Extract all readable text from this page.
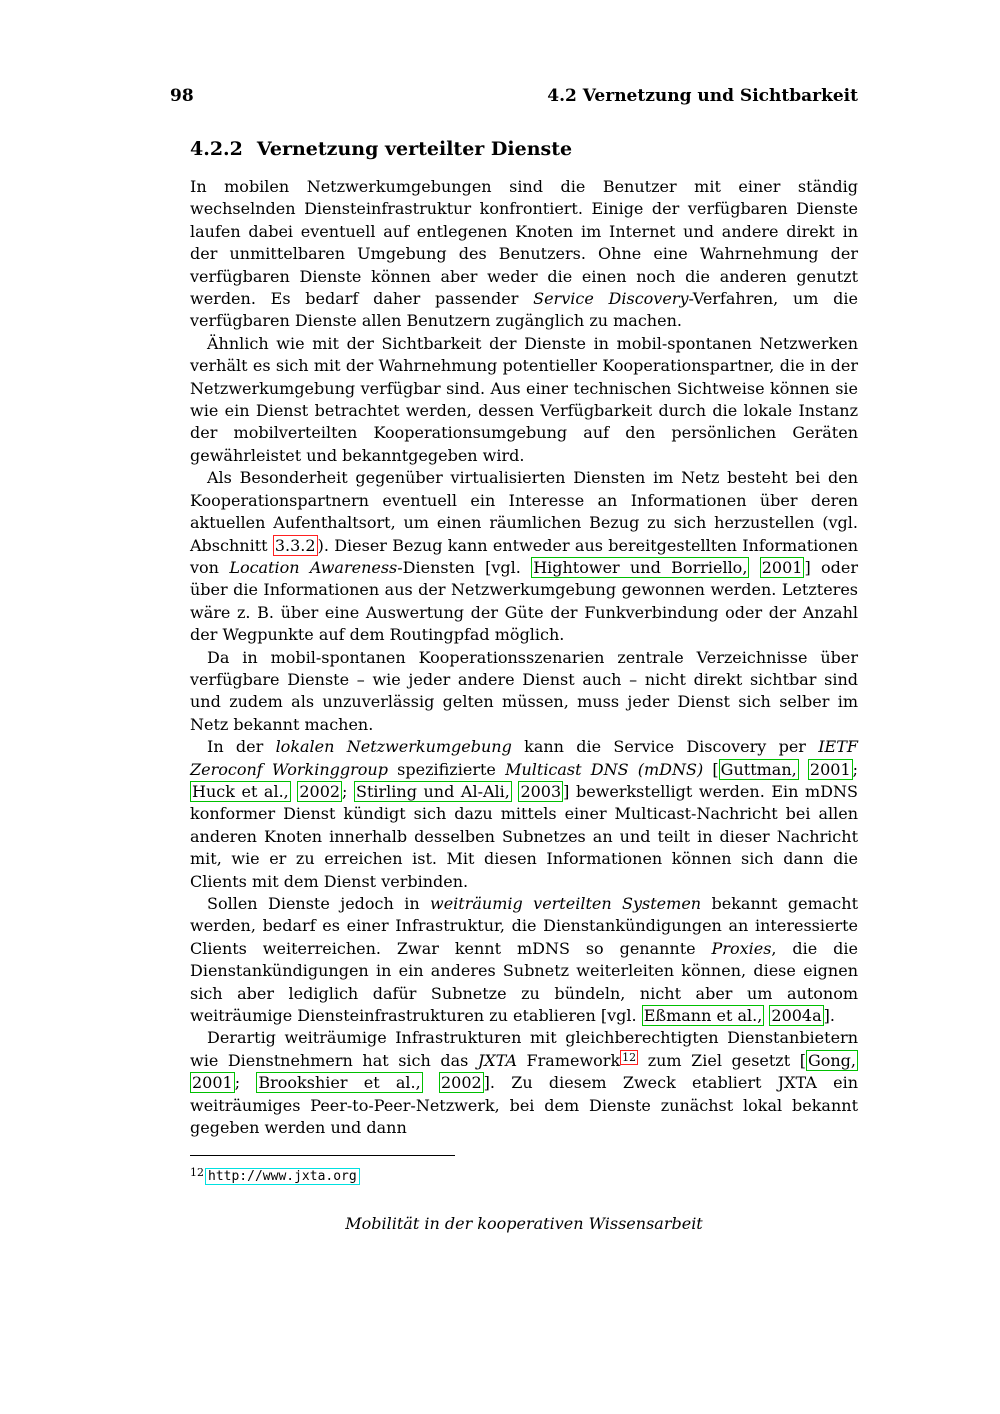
98	4.2 Vernetzung und Sichtbarkeit
4.2.2 Vernetzung verteilter Dienste

In mobilen Netzwerkumgebungen sind die Benutzer mit einer ständig wechselnden Diensteinfrastruktur konfrontiert. Einige der verfügbaren Dienste laufen dabei eventuell auf entlegenen Knoten im Internet und andere direkt in der unmittelbaren Umgebung des Benutzers. Ohne eine Wahrnehmung der verfügbaren Dienste können aber weder die einen noch die anderen genutzt werden. Es bedarf daher passender Service Discovery-Verfahren, um die verfügbaren Dienste allen Benutzern zugänglich zu machen.

Ähnlich wie mit der Sichtbarkeit der Dienste in mobil-spontanen Netzwerken verhält es sich mit der Wahrnehmung potentieller Kooperationspartner, die in der Netzwerkumgebung verfügbar sind. Aus einer technischen Sichtweise können sie wie ein Dienst betrachtet werden, dessen Verfügbarkeit durch die lokale Instanz der mobilverteilten Kooperationsumgebung auf den persönlichen Geräten gewährleistet und bekanntgegeben wird.

Als Besonderheit gegenüber virtualisierten Diensten im Netz besteht bei den Kooperationspartnern eventuell ein Interesse an Informationen über deren aktuellen Aufenthaltsort, um einen räumlichen Bezug zu sich herzustellen (vgl. Abschnitt 3.3.2 ). Dieser Bezug kann entweder aus bereitgestellten Informationen von Location Awareness-Diensten [vgl. Hightower und Borriello, 2001 ] oder über die Informationen aus der Netzwerkumgebung gewonnen werden. Letzteres wäre z. B. über eine Auswertung der Güte der Funkverbindung oder der Anzahl der Wegpunkte auf dem Routingpfad möglich.

Da in mobil-spontanen Kooperationsszenarien zentrale Verzeichnisse über verfügbare Dienste – wie jeder andere Dienst auch – nicht direkt sichtbar sind und zudem als unzuverlässig gelten müssen, muss jeder Dienst sich selber im Netz bekannt machen.

In der lokalen Netzwerkumgebung kann die Service Discovery per IETF Zeroconf Workinggroup spezifizierte Multicast DNS (mDNS) [ Guttman, 2001 ; Huck et al., 2002 ; Stirling und Al-Ali, 2003 ] bewerkstelligt werden. Ein mDNS konformer Dienst kündigt sich dazu mittels einer Multicast-Nachricht bei allen anderen Knoten innerhalb desselben Subnetzes an und teilt in dieser Nachricht mit, wie er zu erreichen ist. Mit diesen Informationen können sich dann die Clients mit dem Dienst verbinden.

Sollen Dienste jedoch in weiträumig verteilten Systemen bekannt gemacht werden, bedarf es einer Infrastruktur, die Dienstankündigungen an interessierte Clients weiterreichen. Zwar kennt mDNS so genannte Proxies, die die Dienstankündigungen in ein anderes Subnetz weiterleiten können, diese eignen sich aber lediglich dafür Subnetze zu bündeln, nicht aber um autonom weiträumige Diensteinfrastrukturen zu etablieren [vgl. Eßmann et al., 2004a ].

Derartig weiträumige Infrastrukturen mit gleichberechtigten Dienstanbietern wie Dienstnehmern hat sich das JXTA Framework $^{12}$ zum Ziel gesetzt [ Gong, 2001 ; Brookshier et al., 2002 ]. Zu diesem Zweck etabliert JXTA ein weiträumiges Peer-to-Peer-Netzwerk, bei dem Dienste zunächst lokal bekannt gegeben werden und dann

$^{12}$ http://www.jxta.org
Mobilität in der kooperativen Wissensarbeit
